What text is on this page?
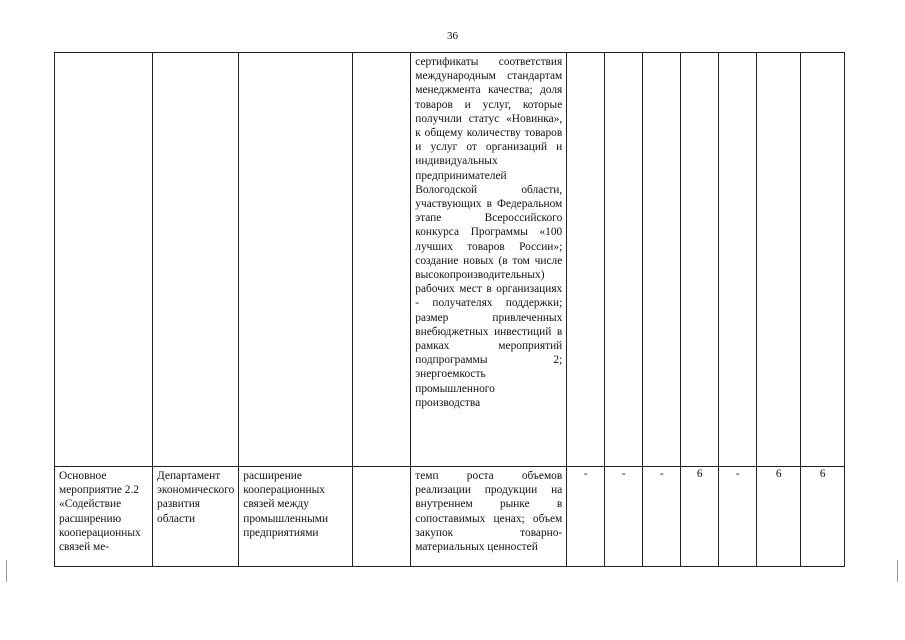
36

				сертификаты соответствия международным стандартам менеджмента качества; доля товаров и услуг, которые получили статус «Новинка», к общему количеству товаров и услуг от организаций и индивидуальных предпринимателей Вологодской области, участвующих в Федеральном этапе Всероссийского конкурса Программы «100 лучших товаров России»; создание новых (в том числе высокопроизводительных) рабочих мест в организациях - получателях поддержки; размер привлеченных внебюджетных инвестиций в рамках мероприятий подпрограммы 2; энергоемкость промышленного производства							

Основное мероприятие 2.2 «Содействие расширению кооперационных связей ме-	Департамент экономического развития области	расширение кооперационных связей между промышленными предприятиями		темп роста объемов реализации продукции на внутреннем рынке в сопоставимых ценах; объем закупок товарно-материальных ценностей	-	-	-	6	-	6	6
